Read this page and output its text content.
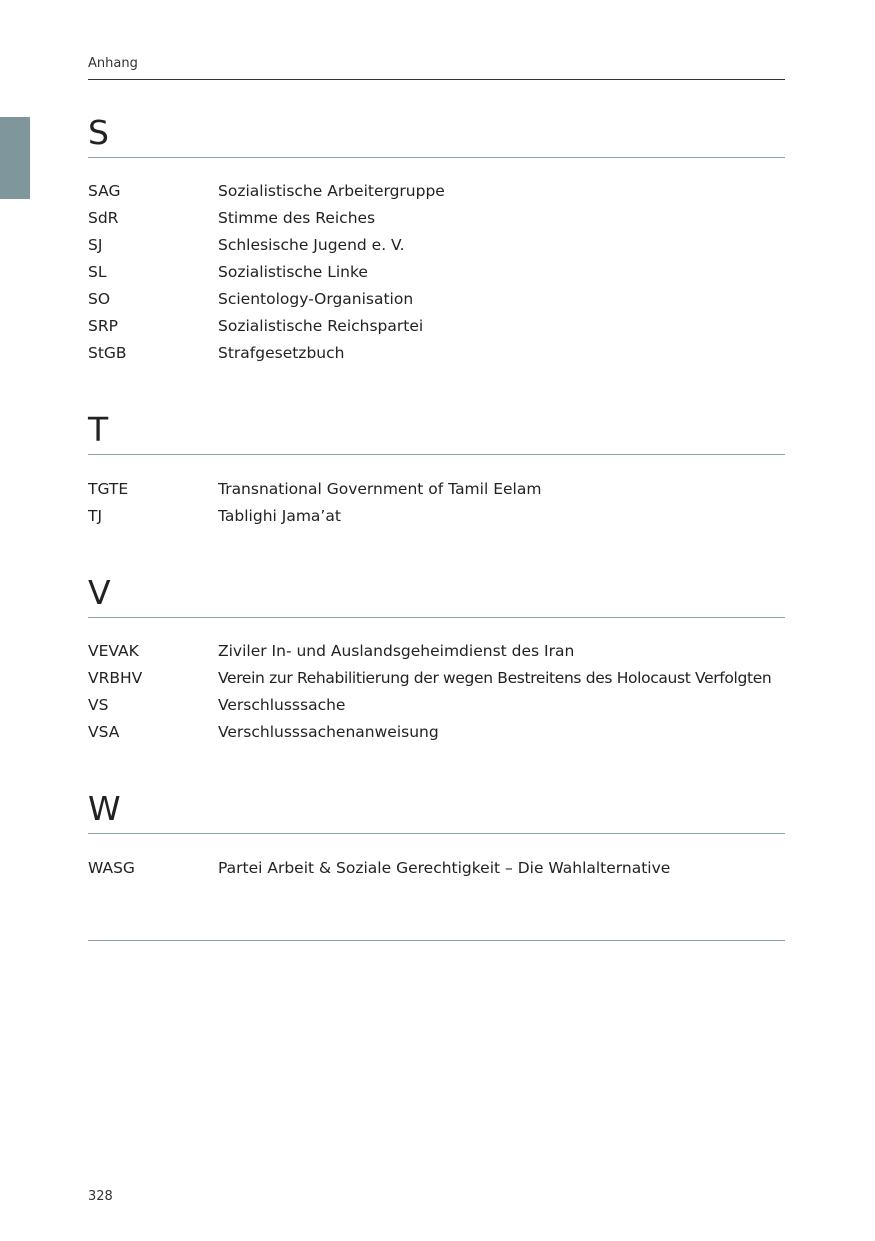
Anhang
S
SAG	Sozialistische Arbeitergruppe
SdR	Stimme des Reiches
SJ	Schlesische Jugend e. V.
SL	Sozialistische Linke
SO	Scientology-Organisation
SRP	Sozialistische Reichspartei
StGB	Strafgesetzbuch
T
TGTE	Transnational Government of Tamil Eelam
TJ	Tablighi Jama’at
V
VEVAK	Ziviler In- und Auslandsgeheimdienst des Iran
VRBHV	Verein zur Rehabilitierung der wegen Bestreitens des Holocaust Verfolgten
VS	Verschlusssache
VSA	Verschlusssachenanweisung
W
WASG	Partei Arbeit & Soziale Gerechtigkeit – Die Wahlalternative
328
